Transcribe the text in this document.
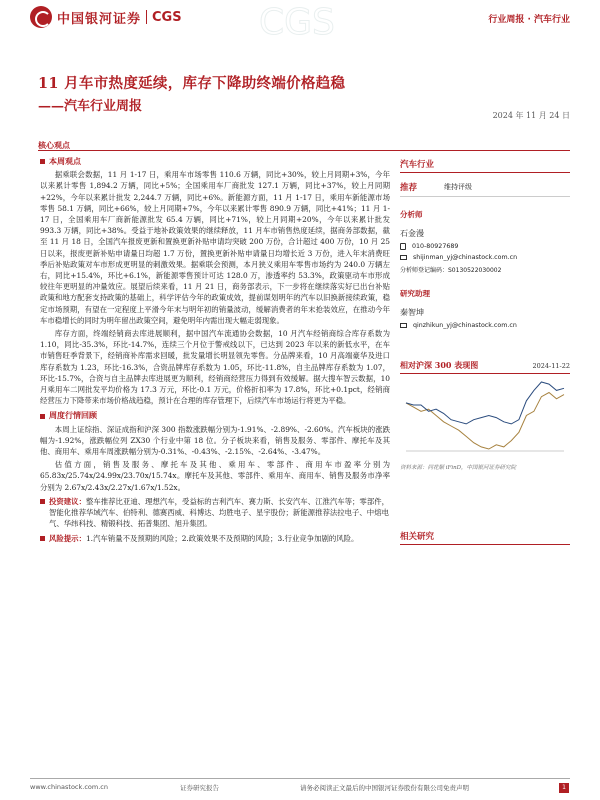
中国银河证券 CGS CGS	行业周报 · 汽车行业
11 月车市热度延续，库存下降助终端价格趋稳
——汽车行业周报
2024 年 11 月 24 日
核心观点
本周观点

据乘联会数据，11 月 1-17 日，乘用车市场零售 110.6 万辆，同比+30%，较上月同期+3%，今年以来累计零售 1,894.2 万辆，同比+5%；全国乘用车厂商批发 127.1 万辆，同比+37%，较上月同期+22%，今年以来累计批发 2,244.7 万辆，同比+6%。新能源方面，11 月 1-17 日，乘用车新能源市场零售 58.1 万辆，同比+66%，较上月同期+7%，今年以来累计零售 890.9 万辆，同比+41%；11 月 1-17 日，全国乘用车厂商新能源批发 65.4 万辆，同比+71%，较上月同期+20%，今年以来累计批发 993.3 万辆，同比+38%。受益于地补政策效果的继续释放，11 月车市销售热度延续，据商务部数据，截至 11 月 18 日，全国汽车报废更新和置换更新补贴申请均突破 200 万份，合计超过 400 万份，10 月 25 日以来，报废更新补贴申请量日均超 1.7 万份，置换更新补贴申请量日均增长近 3 万份，进入年末消费旺季后补贴政策对车市形成更明显的刺激效果。据乘联会预测，本月狭义乘用车零售市场约为 240.0 万辆左右，同比+15.4%，环比+6.1%，新能源零售预计可达 128.0 万，渗透率约 53.3%，政策驱动车市形成较往年更明显的冲量效应。展望后续来看，11 月 21 日，商务部表示，下一步将在继续落实好已出台补贴政策和地方配套支持政策的基础上，科学评估今年的政策成效，提前谋划明年的汽车以旧换新接续政策，稳定市场预期，有望在一定程度上平滑今年末与明年初的销量波动，缓解消费者的年末抢装效应，在推动今年车市稳增长的同时为明年留出政策空间，避免明年内需出现大幅走弱现象。

库存方面，终端经销商去库进展顺利，据中国汽车流通协会数据，10 月汽车经销商综合库存系数为 1.10，同比-35.3%，环比-14.7%，连续三个月位于警戒线以下，已达到 2023 年以来的新低水平，在车市销售旺季背景下，经销商补库需求回暖，批发量增长明显领先零售。分品牌来看，10 月高端豪华及进口库存系数为 1.23，环比-16.3%，合资品牌库存系数为 1.05，环比-11.8%，自主品牌库存系数为 1.07，环比-15.7%，合资与自主品牌去库进展更为顺利，经销商经营压力得到有效缓解。据大搜车智云数据，10 月乘用车二网批发平均价格为 17.3 万元，环比-0.1 万元，价格折扣率为 17.8%，环比+0.1pct，经销商经营压力下降带来市场价格战趋稳，预计在合理的库存管理下，后续汽车市场运行将更为平稳。

周度行情回顾

本周上证综指、深证成指和沪深 300 指数涨跌幅分别为-1.91%、-2.89%、-2.60%。汽车板块的涨跌幅为-1.92%，涨跌幅位列 ZX30 个行业中第 18 位。分子板块来看，销售及服务、零部件、摩托车及其他、商用车、乘用车周涨跌幅分别为-0.31%、-0.43%、-2.15%、-2.64%、-3.47%。

估值方面，销售及服务、摩托车及其他、乘用车、零部件、商用车市盈率分别为 65.83x/25.74x/24.99x/23.70x/15.74x。摩托车及其他、零部件、乘用车、商用车、销售及服务市净率分别为 2.67x/2.43x/2.27x/1.67x/1.52x。

投资建议：整车推荐比亚迪、理想汽车，受益标的吉利汽车、赛力斯、长安汽车、江淮汽车等；零部件，智能化推荐华域汽车、伯特利、德赛西威、科博达、均胜电子、星宇股份；新能源推荐法拉电子、中熔电气、华纬科技、精锻科技、拓普集团、旭升集团。

风险提示：1.汽车销量不及预期的风险；2.政策效果不及预期的风险；3.行业竞争加剧的风险。

汽车行业
推荐	维持评级
分析师
石金漫
010-80927689
shijinman_yj@chinastock.com.cn
分析师登记编码：S0130522030002
研究助理
秦智坤
qinzhikun_yj@chinastock.com.cn
相对沪深 300 表现图	2024-11-22
资料来源：同花顺 iFinD，中国银河证券研究院
相关研究
www.chinastock.com.cn	证券研究报告	请务必阅读正文最后的中国银河证券股份有限公司免责声明	1
